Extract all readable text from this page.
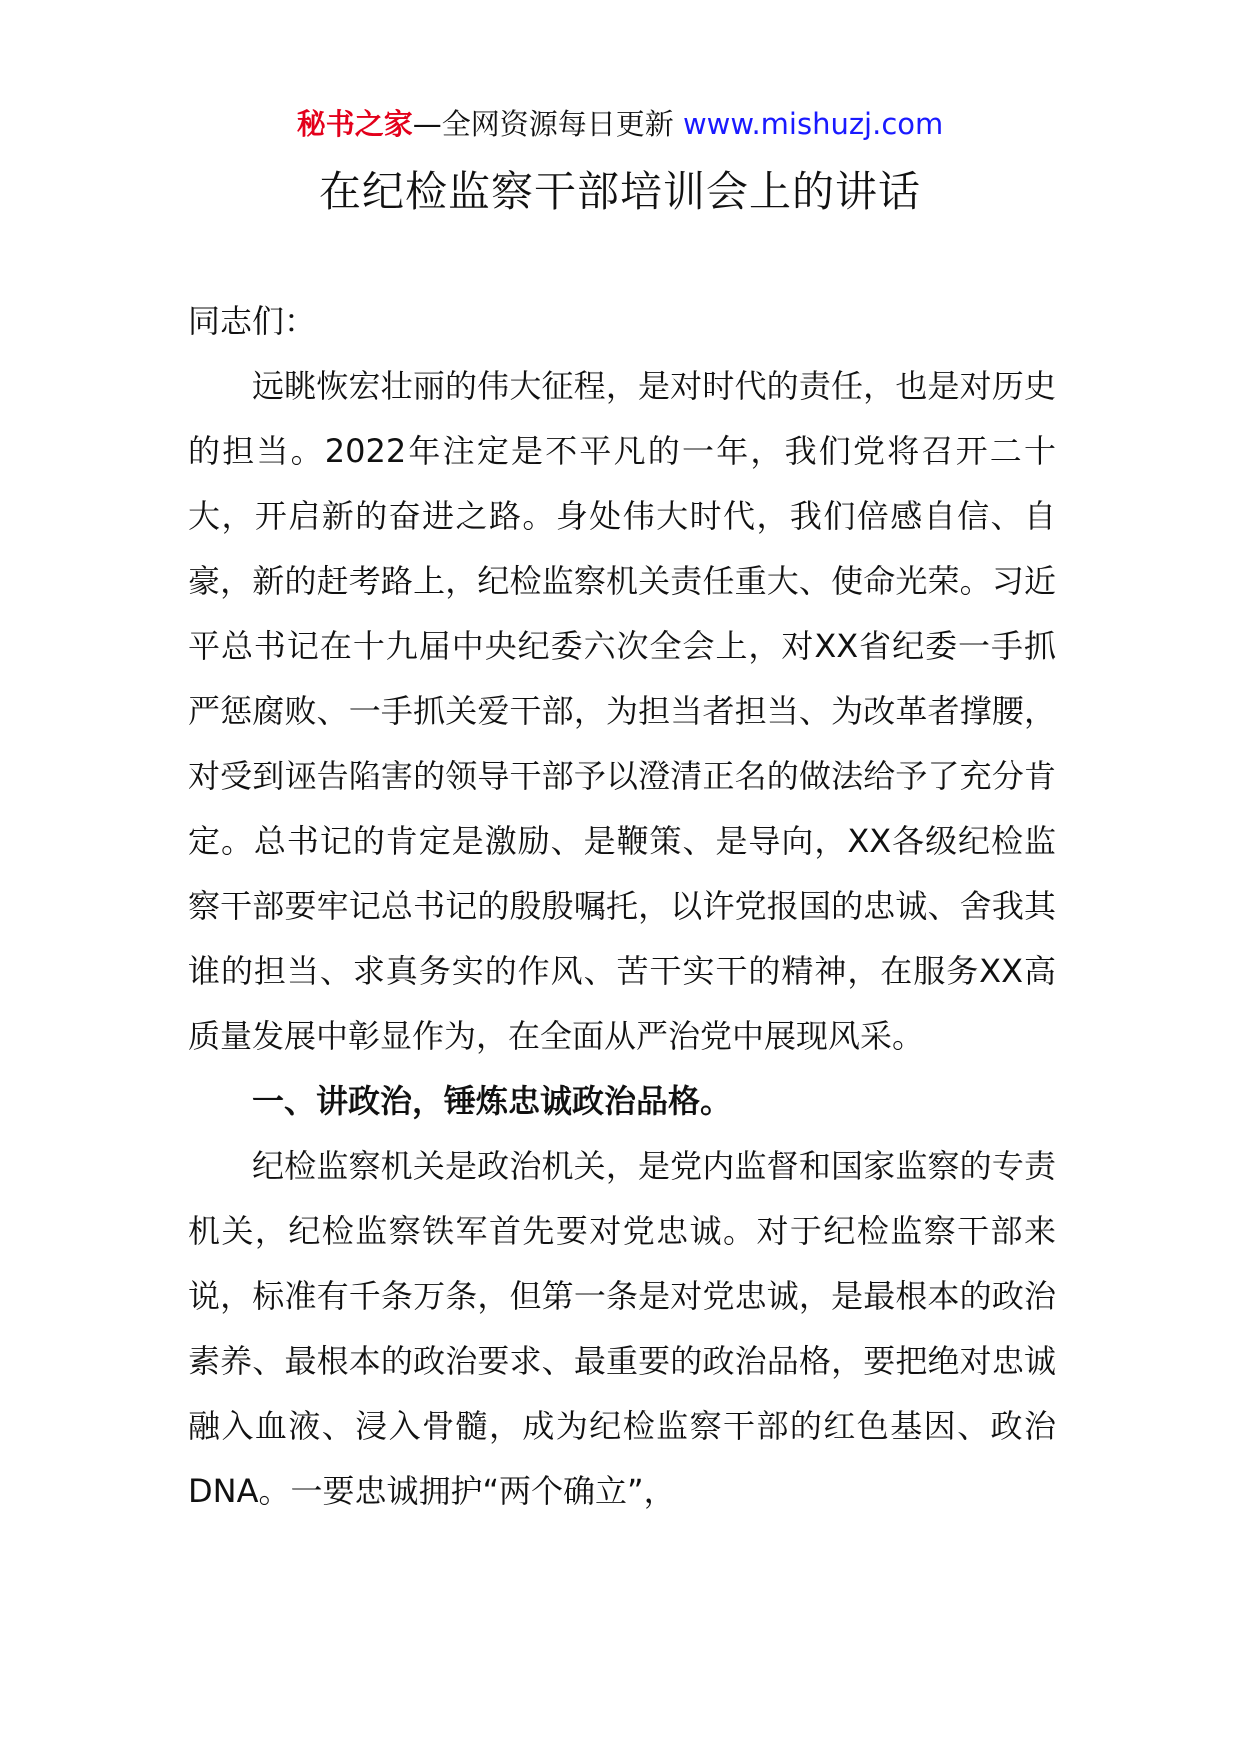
秘书之家—全网资源每日更新 www.mishuzj.com
在纪检监察干部培训会上的讲话

同志们：

远眺恢宏壮丽的伟大征程，是对时代的责任，也是对历史的担当。2022年注定是不平凡的一年，我们党将召开二十大，开启新的奋进之路。身处伟大时代，我们倍感自信、自豪，新的赶考路上，纪检监察机关责任重大、使命光荣。习近平总书记在十九届中央纪委六次全会上，对XX省纪委一手抓严惩腐败、一手抓关爱干部，为担当者担当、为改革者撑腰，对受到诬告陷害的领导干部予以澄清正名的做法给予了充分肯定。总书记的肯定是激励、是鞭策、是导向，XX各级纪检监察干部要牢记总书记的殷殷嘱托，以许党报国的忠诚、舍我其谁的担当、求真务实的作风、苦干实干的精神，在服务XX高质量发展中彰显作为，在全面从严治党中展现风采。

一、讲政治，锤炼忠诚政治品格。

纪检监察机关是政治机关，是党内监督和国家监察的专责机关，纪检监察铁军首先要对党忠诚。对于纪检监察干部来说，标准有千条万条，但第一条是对党忠诚，是最根本的政治素养、最根本的政治要求、最重要的政治品格，要把绝对忠诚融入血液、浸入骨髓，成为纪检监察干部的红色基因、政治DNA。一要忠诚拥护“两个确立”，
